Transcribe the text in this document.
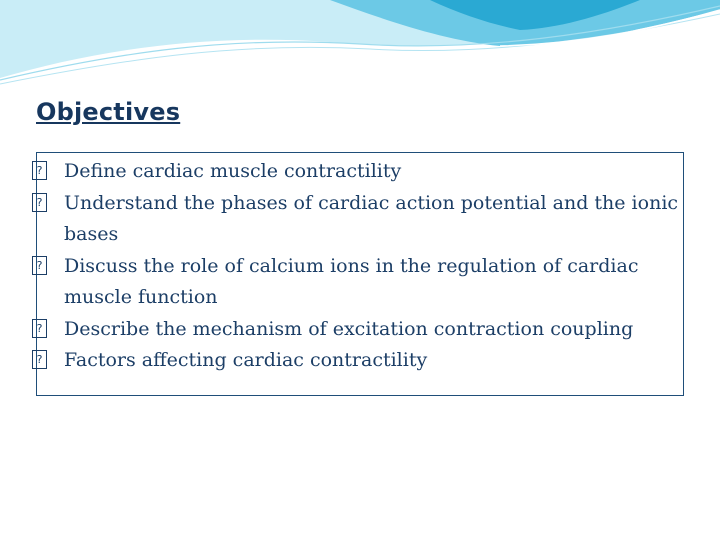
Objectives
? Define cardiac muscle contractility
? Understand the phases of cardiac action potential and the ionic bases
? Discuss the role of calcium ions in the regulation of cardiac muscle function
? Describe the mechanism of excitation contraction coupling
? Factors affecting cardiac contractility
